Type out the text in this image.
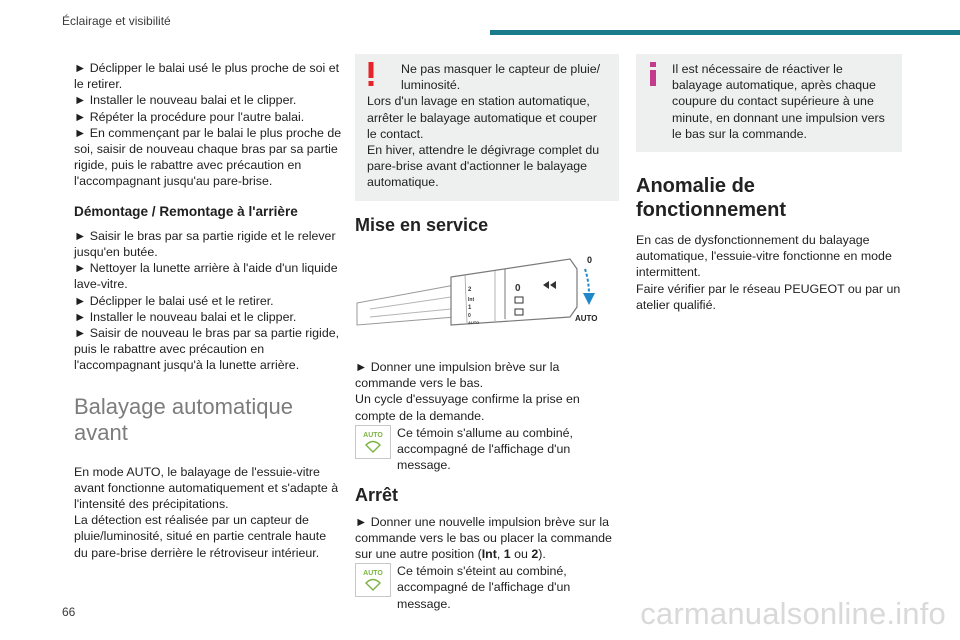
Éclairage et visibilité

► Déclipper le balai usé le plus proche de soi et le retirer.

► Installer le nouveau balai et le clipper.

► Répéter la procédure pour l'autre balai.

► En commençant par le balai le plus proche de soi, saisir de nouveau chaque bras par sa partie rigide, puis le rabattre avec précaution en l'accompagnant jusqu'au pare-brise.

Démontage / Remontage à l'arrière

► Saisir le bras par sa partie rigide et le relever jusqu'en butée.

► Nettoyer la lunette arrière à l'aide d'un liquide lave-vitre.

► Déclipper le balai usé et le retirer.

► Installer le nouveau balai et le clipper.

► Saisir de nouveau le bras par sa partie rigide, puis le rabattre avec précaution en l'accompagnant jusqu'à la lunette arrière.

Balayage automatique avant

En mode AUTO, le balayage de l'essuie-vitre avant fonctionne automatiquement et s'adapte à l'intensité des précipitations.

La détection est réalisée par un capteur de pluie/luminosité, situé en partie centrale haute du pare-brise derrière le rétroviseur intérieur.

Ne pas masquer le capteur de pluie/ luminosité.

Lors d'un lavage en station automatique, arrêter le balayage automatique et couper le contact.

En hiver, attendre le dégivrage complet du pare-brise avant d'actionner le balayage automatique.

Mise en service
2
Int
1
0
AUTO
0
0
AUTO

► Donner une impulsion brève sur la commande vers le bas.

Un cycle d'essuyage confirme la prise en compte de la demande.

AUTO	Ce témoin s'allume au combiné, accompagné de l'affichage d'un message.

Arrêt

► Donner une nouvelle impulsion brève sur la commande vers le bas ou placer la commande sur une autre position (Int, 1 ou 2).

AUTO	Ce témoin s'éteint au combiné, accompagné de l'affichage d'un message.

Il est nécessaire de réactiver le balayage automatique, après chaque coupure du contact supérieure à une minute, en donnant une impulsion vers le bas sur la commande.

Anomalie de fonctionnement

En cas de dysfonctionnement du balayage automatique, l'essuie-vitre fonctionne en mode intermittent.

Faire vérifier par le réseau PEUGEOT ou par un atelier qualifié.

66	carmanualsonline.info
